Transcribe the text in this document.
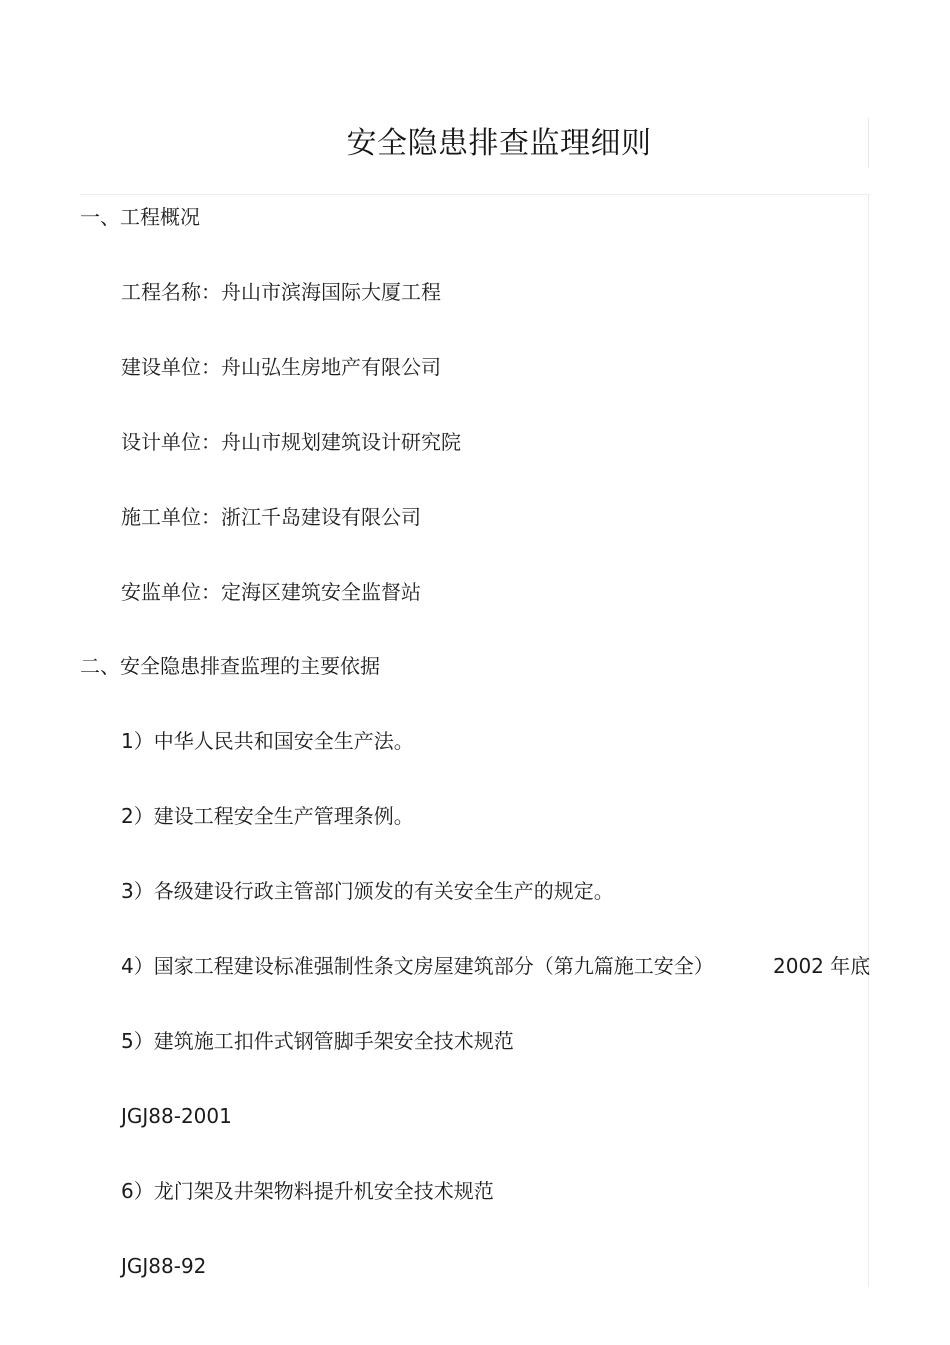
安全隐患排查监理细则
一、工程概况
工程名称：舟山市滨海国际大厦工程
建设单位：舟山弘生房地产有限公司
设计单位：舟山市规划建筑设计研究院
施工单位：浙江千岛建设有限公司
安监单位：定海区建筑安全监督站
二、安全隐患排查监理的主要依据
1）中华人民共和国安全生产法。
2）建设工程安全生产管理条例。
3）各级建设行政主管部门颁发的有关安全生产的规定。
4）国家工程建设标准强制性条文房屋建筑部分（第九篇施工安全）	2002 年底
5）建筑施工扣件式钢管脚手架安全技术规范
JGJ88-2001
6）龙门架及井架物料提升机安全技术规范
JGJ88-92
